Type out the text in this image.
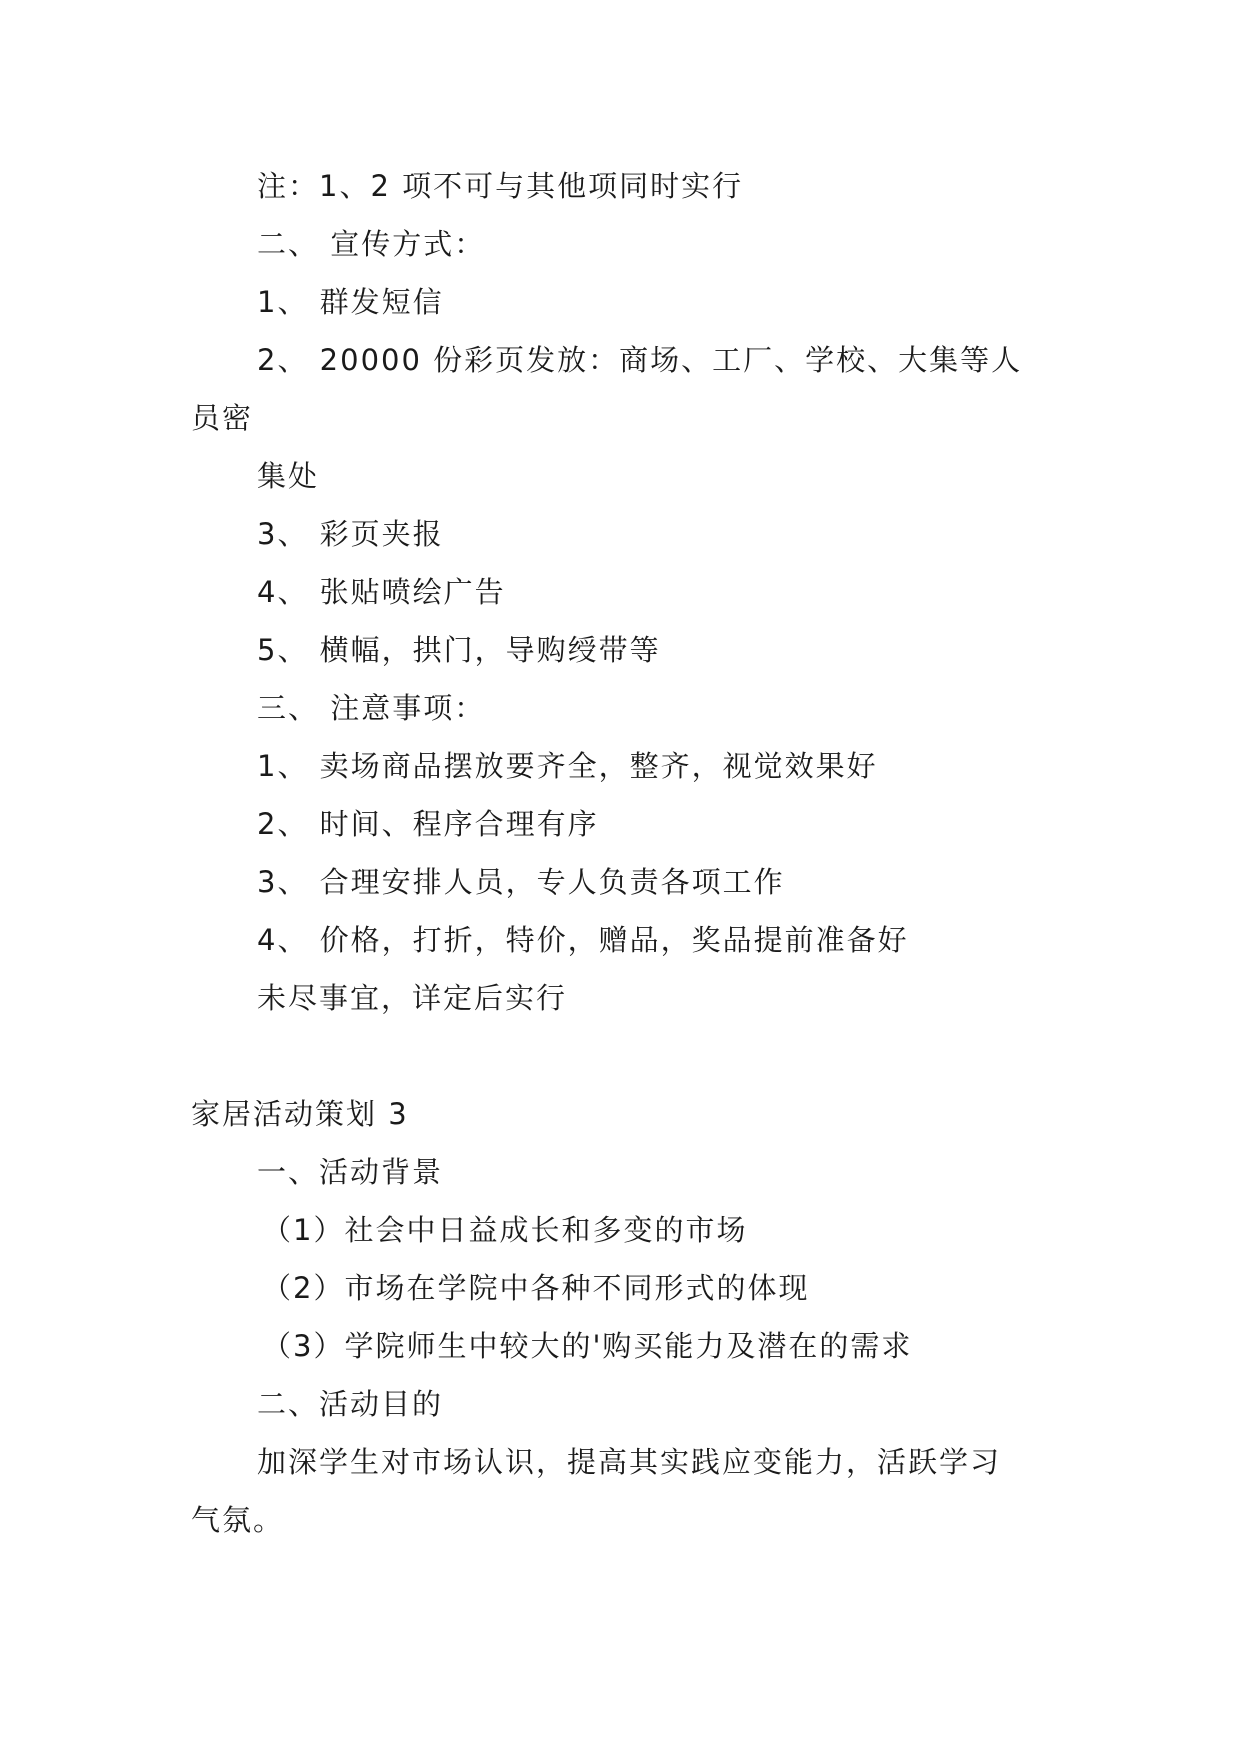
注：1、2 项不可与其他项同时实行
二、 宣传方式：
1、 群发短信
2、 20000 份彩页发放：商场、工厂、学校、大集等人
员密
集处
3、 彩页夹报
4、 张贴喷绘广告
5、 横幅，拱门，导购绶带等
三、 注意事项：
1、 卖场商品摆放要齐全，整齐，视觉效果好
2、 时间、程序合理有序
3、 合理安排人员，专人负责各项工作
4、 价格，打折，特价，赠品，奖品提前准备好
未尽事宜，详定后实行
家居活动策划 3
一、活动背景
（1）社会中日益成长和多变的市场
（2）市场在学院中各种不同形式的体现
（3）学院师生中较大的'购买能力及潜在的需求
二、活动目的
加深学生对市场认识，提高其实践应变能力，活跃学习
气氛。
